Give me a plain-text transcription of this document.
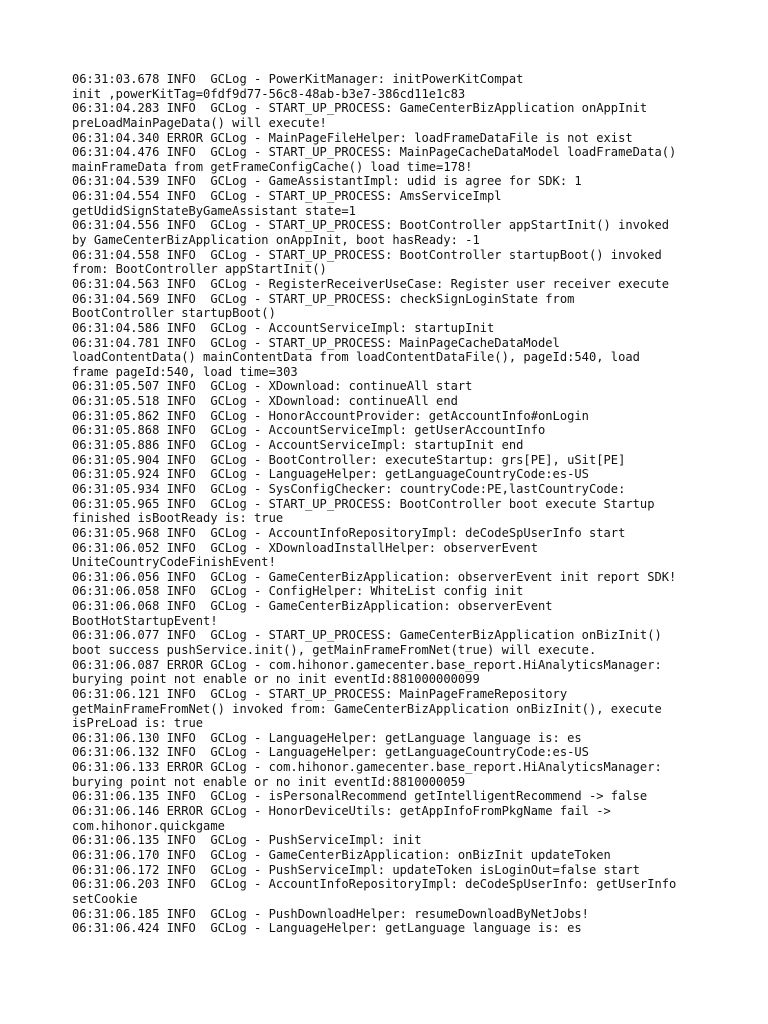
06:31:03.678 INFO  GCLog - PowerKitManager: initPowerKitCompat
init ,powerKitTag=0fdf9d77-56c8-48ab-b3e7-386cd11e1c83
06:31:04.283 INFO  GCLog - START_UP_PROCESS: GameCenterBizApplication onAppInit
preLoadMainPageData() will execute!
06:31:04.340 ERROR GCLog - MainPageFileHelper: loadFrameDataFile is not exist
06:31:04.476 INFO  GCLog - START_UP_PROCESS: MainPageCacheDataModel loadFrameData()
mainFrameData from getFrameConfigCache() load time=178!
06:31:04.539 INFO  GCLog - GameAssistantImpl: udid is agree for SDK: 1
06:31:04.554 INFO  GCLog - START_UP_PROCESS: AmsServiceImpl
getUdidSignStateByGameAssistant state=1
06:31:04.556 INFO  GCLog - START_UP_PROCESS: BootController appStartInit() invoked
by GameCenterBizApplication onAppInit, boot hasReady: -1
06:31:04.558 INFO  GCLog - START_UP_PROCESS: BootController startupBoot() invoked
from: BootController appStartInit()
06:31:04.563 INFO  GCLog - RegisterReceiverUseCase: Register user receiver execute
06:31:04.569 INFO  GCLog - START_UP_PROCESS: checkSignLoginState from
BootController startupBoot()
06:31:04.586 INFO  GCLog - AccountServiceImpl: startupInit
06:31:04.781 INFO  GCLog - START_UP_PROCESS: MainPageCacheDataModel
loadContentData() mainContentData from loadContentDataFile(), pageId:540, load
frame pageId:540, load time=303
06:31:05.507 INFO  GCLog - XDownload: continueAll start
06:31:05.518 INFO  GCLog - XDownload: continueAll end
06:31:05.862 INFO  GCLog - HonorAccountProvider: getAccountInfo#onLogin
06:31:05.868 INFO  GCLog - AccountServiceImpl: getUserAccountInfo
06:31:05.886 INFO  GCLog - AccountServiceImpl: startupInit end
06:31:05.904 INFO  GCLog - BootController: executeStartup: grs[PE], uSit[PE]
06:31:05.924 INFO  GCLog - LanguageHelper: getLanguageCountryCode:es-US
06:31:05.934 INFO  GCLog - SysConfigChecker: countryCode:PE,lastCountryCode:
06:31:05.965 INFO  GCLog - START_UP_PROCESS: BootController boot execute Startup
finished isBootReady is: true
06:31:05.968 INFO  GCLog - AccountInfoRepositoryImpl: deCodeSpUserInfo start
06:31:06.052 INFO  GCLog - XDownloadInstallHelper: observerEvent
UniteCountryCodeFinishEvent!
06:31:06.056 INFO  GCLog - GameCenterBizApplication: observerEvent init report SDK!
06:31:06.058 INFO  GCLog - ConfigHelper: WhiteList config init
06:31:06.068 INFO  GCLog - GameCenterBizApplication: observerEvent
BootHotStartupEvent!
06:31:06.077 INFO  GCLog - START_UP_PROCESS: GameCenterBizApplication onBizInit()
boot success pushService.init(), getMainFrameFromNet(true) will execute.
06:31:06.087 ERROR GCLog - com.hihonor.gamecenter.base_report.HiAnalyticsManager:
burying point not enable or no init eventId:881000000099
06:31:06.121 INFO  GCLog - START_UP_PROCESS: MainPageFrameRepository
getMainFrameFromNet() invoked from: GameCenterBizApplication onBizInit(), execute
isPreLoad is: true
06:31:06.130 INFO  GCLog - LanguageHelper: getLanguage language is: es
06:31:06.132 INFO  GCLog - LanguageHelper: getLanguageCountryCode:es-US
06:31:06.133 ERROR GCLog - com.hihonor.gamecenter.base_report.HiAnalyticsManager:
burying point not enable or no init eventId:8810000059
06:31:06.135 INFO  GCLog - isPersonalRecommend getIntelligentRecommend -> false
06:31:06.146 ERROR GCLog - HonorDeviceUtils: getAppInfoFromPkgName fail ->
com.hihonor.quickgame
06:31:06.135 INFO  GCLog - PushServiceImpl: init
06:31:06.170 INFO  GCLog - GameCenterBizApplication: onBizInit updateToken
06:31:06.172 INFO  GCLog - PushServiceImpl: updateToken isLoginOut=false start
06:31:06.203 INFO  GCLog - AccountInfoRepositoryImpl: deCodeSpUserInfo: getUserInfo
setCookie
06:31:06.185 INFO  GCLog - PushDownloadHelper: resumeDownloadByNetJobs!
06:31:06.424 INFO  GCLog - LanguageHelper: getLanguage language is: es
